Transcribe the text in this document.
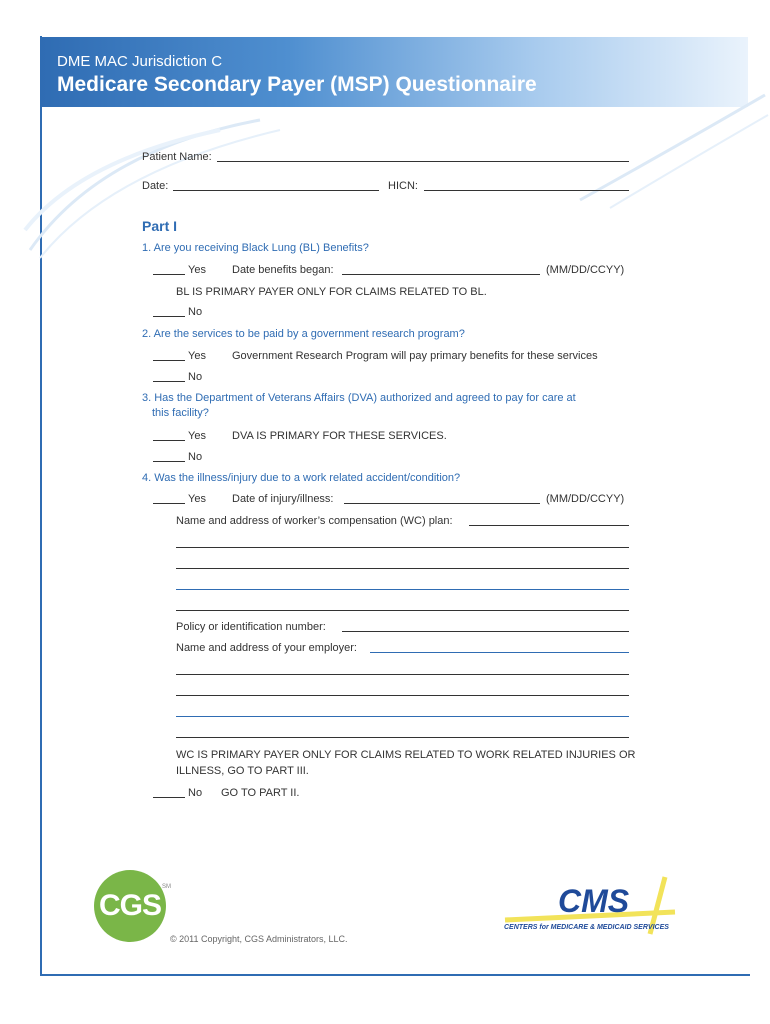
DME MAC Jurisdiction C
Medicare Secondary Payer (MSP) Questionnaire
Patient Name:
Date:	HICN:
Part I
1. Are you receiving Black Lung (BL) Benefits?
Yes Date benefits began:	(MM/DD/CCYY)
BL IS PRIMARY PAYER ONLY FOR CLAIMS RELATED TO BL.
No
2. Are the services to be paid by a government research program?
Yes Government Research Program will pay primary benefits for these services
No
3. Has the Department of Veterans Affairs (DVA) authorized and agreed to pay for care at
this facility?
Yes DVA IS PRIMARY FOR THESE SERVICES.
No
4. Was the illness/injury due to a work related accident/condition?
Yes Date of injury/illness:	(MM/DD/CCYY)
Name and address of worker’s compensation (WC) plan:
Policy or identification number:
Name and address of your employer:
WC IS PRIMARY PAYER ONLY FOR CLAIMS RELATED TO WORK RELATED INJURIES OR
ILLNESS, GO TO PART III.
No GO TO PART II.
CGS
SM
© 2011 Copyright, CGS Administrators, LLC.
CMS
CENTERS for MEDICARE & MEDICAID SERVICES
